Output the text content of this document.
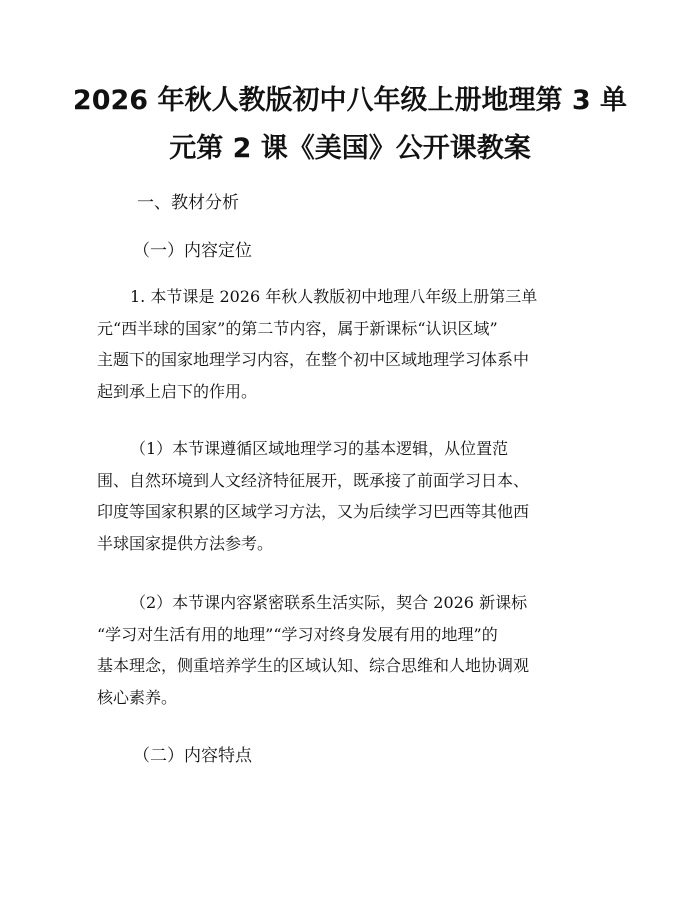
2026 年秋人教版初中八年级上册地理第 3 单
元第 2 课《美国》公开课教案

一、教材分析

（一）内容定位

1. 本节课是 2026 年秋人教版初中地理八年级上册第三单
元“西半球的国家”的第二节内容，属于新课标“认识区域”
主题下的国家地理学习内容，在整个初中区域地理学习体系中
起到承上启下的作用。
（1）本节课遵循区域地理学习的基本逻辑，从位置范
围、自然环境到人文经济特征展开，既承接了前面学习日本、
印度等国家积累的区域学习方法，又为后续学习巴西等其他西
半球国家提供方法参考。
（2）本节课内容紧密联系生活实际，契合 2026 新课标
“学习对生活有用的地理”“学习对终身发展有用的地理”的
基本理念，侧重培养学生的区域认知、综合思维和人地协调观
核心素养。

（二）内容特点
